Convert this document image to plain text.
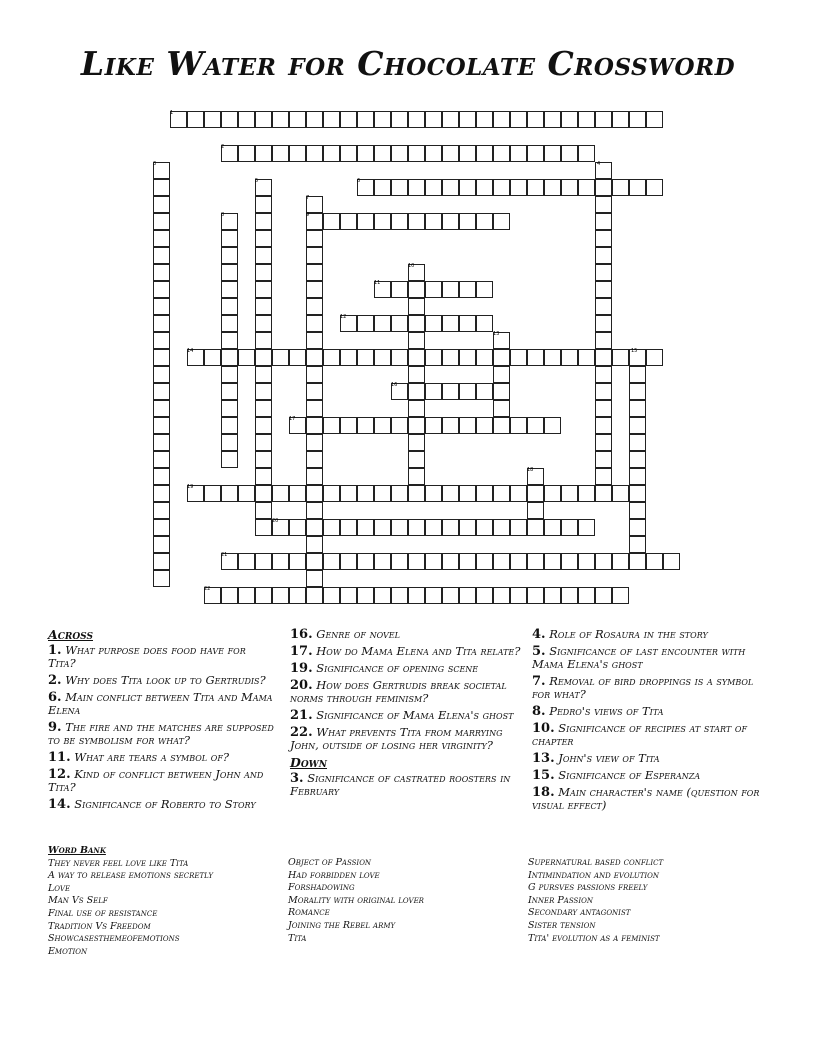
Like Water for Chocolate Crossword
1
2
3	4
5	6
7
8	9
10
11
12
13
14	15
16
17
18
19
20
21
22
Across
1. What purpose does food have for Tita?
2. Why does Tita look up to Gertrudis?
6. Main conflict between Tita and Mama Elena
9. The fire and the matches are supposed to be symbolism for what?
11. What are tears a symbol of?
12. Kind of conflict between John and Tita?
14. Significance of Roberto to Story
16. Genre of novel
17. How do Mama Elena and Tita relate?
19. Significance of opening scene
20. How does Gertrudis break societal norms through feminism?
21. Significance of Mama Elena's ghost
22. What prevents Tita from marrying John, outside of losing her virginity?
Down
3. Significance of castrated roosters in February
4. Role of Rosaura in the story
5. Significance of last encounter with Mama Elena's ghost
7. Removal of bird droppings is a symbol for what?
8. Pedro's views of Tita
10. Significance of recipies at start of chapter
13. John's view of Tita
15. Significance of Esperanza
18. Main character's name (question for visual effect)
Word Bank
They never feel love like Tita
A way to release emotions secretly
Love
Man Vs Self
Final use of resistance
Tradition Vs Freedom
Showcasesthemeofemotions
Emotion
Object of Passion
Had forbidden love
Forshadowing
Morality with original lover
Romance
Joining the Rebel army
Tita
Supernatural based conflict
Intimindation and evolution
G pursves passions freely
Inner Passion
Secondary antagonist
Sister tension
Tita' evolution as a feminist
